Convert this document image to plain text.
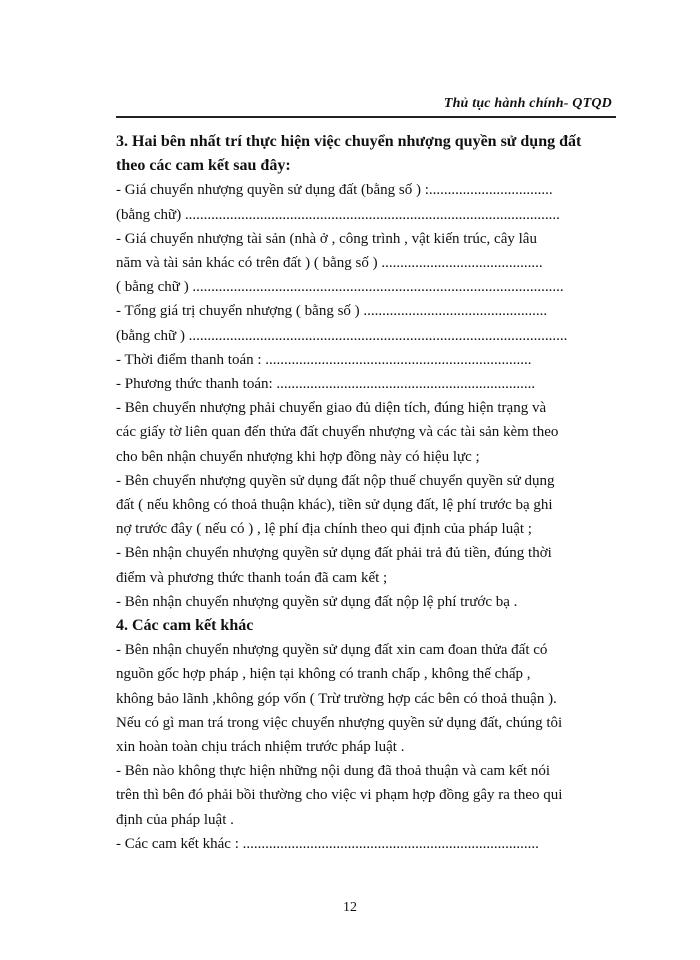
Thủ tục hành chính- QTQD
3. Hai bên nhất trí thực hiện việc chuyển nhượng quyền sử dụng đất
theo các cam kết sau đây:
- Giá chuyển nhượng quyền sử dụng đất (bằng số ) :.................................
(bằng chữ) ....................................................................................................
- Giá chuyển nhượng tài sản (nhà ở , công trình , vật kiến trúc, cây lâu
năm và tài sản khác có trên đất ) ( bằng số ) ...........................................
( bằng chữ ) ...................................................................................................
- Tổng giá trị chuyển nhượng ( bằng số ) .................................................
(bằng chữ ) .....................................................................................................
- Thời điểm thanh toán : .......................................................................
- Phương thức thanh toán: .....................................................................
- Bên chuyển nhượng phải chuyển giao đủ diện tích, đúng hiện trạng và
các giấy tờ liên quan đến thửa đất chuyển nhượng và các tài sản kèm theo
cho bên nhận chuyển nhượng khi hợp đồng này có hiệu lực ;
- Bên chuyển nhượng quyền sử dụng đất nộp thuế chuyển quyền sử dụng
đất ( nếu không có thoả thuận khác), tiền sử dụng đất, lệ phí trước bạ ghi
nợ trước đây ( nếu có ) , lệ phí địa chính theo qui định của pháp luật ;
- Bên nhận chuyển nhượng quyền sử dụng đất phải trả đủ tiền, đúng thời
điểm và phương thức thanh toán đã cam kết ;
- Bên nhận chuyển nhượng quyền sử dụng đất nộp lệ phí trước bạ .
4. Các cam kết khác
- Bên nhận chuyển nhượng quyền sử dụng đất xin cam đoan thửa đất có
nguồn gốc hợp pháp , hiện tại không có tranh chấp , không thế chấp ,
không bảo lãnh ,không góp vốn ( Trừ trường hợp các bên có thoả thuận ).
Nếu có gì man trá trong việc chuyển nhượng quyền sử dụng đất, chúng tôi
xin hoàn toàn chịu trách nhiệm trước pháp luật .
- Bên nào không thực hiện những nội dung đã thoả thuận và cam kết nói
trên thì bên đó phải bồi thường cho việc vi phạm hợp đồng gây ra theo qui
định của pháp luật .
- Các cam kết khác : ...............................................................................
12
